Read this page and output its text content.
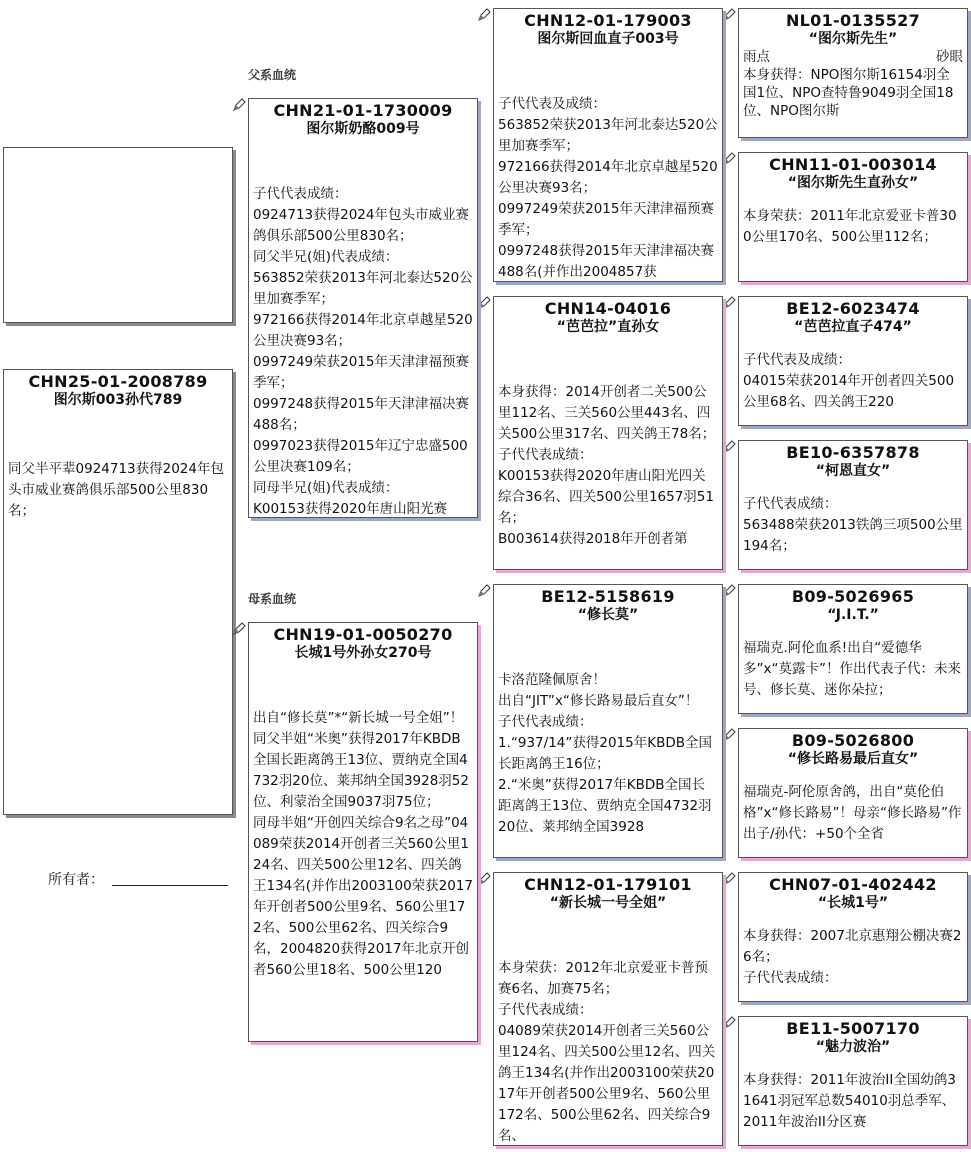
父系血统
母系血统
CHN25-01-2008789
图尔斯003孙代789
同父半平辈0924713获得2024年包头市威业赛鸽俱乐部500公里830名；
所有者：
CHN21-01-1730009
图尔斯奶酪009号
子代代表成绩：
0924713获得2024年包头市威业赛鸽俱乐部500公里830名；
同父半兄(姐)代表成绩：
563852荣获2013年河北泰达520公里加赛季军；
972166获得2014年北京卓越星520公里决赛93名；
0997249荣获2015年天津津福预赛季军；
0997248获得2015年天津津福决赛488名；
0997023获得2015年辽宁忠盛500公里决赛109名；
同母半兄(姐)代表成绩：
K00153获得2020年唐山阳光赛
CHN19-01-0050270
长城1号外孙女270号
出自“修长莫”*“新长城一号全姐”！
同父半姐“米奥”获得2017年KBDB全国长距离鸽王13位、贾纳克全国4732羽20位、莱邦纳全国3928羽52位、利蒙治全国9037羽75位；
同母半姐“开创四关综合9名之母”04089荣获2014开创者三关560公里124名、四关500公里12名、四关鸽王134名(并作出2003100荣获2017年开创者500公里9名、560公里172名、500公里62名、四关综合9名，2004820获得2017年北京开创者560公里18名、500公里120
CHN12-01-179003
图尔斯回血直子003号
子代代表及成绩：
563852荣获2013年河北泰达520公里加赛季军；
972166获得2014年北京卓越星520公里决赛93名；
0997249荣获2015年天津津福预赛季军；
0997248获得2015年天津津福决赛488名(并作出2004857获
CHN14-04016
“芭芭拉”直孙女
本身获得：2014开创者二关500公里112名、三关560公里443名、四关500公里317名、四关鸽王78名；
子代代表成绩：
K00153获得2020年唐山阳光四关综合36名、四关500公里1657羽51名；
B003614获得2018年开创者第
BE12-5158619
“修长莫”
卡洛范隆佩原舍！
出自“JIT”x“修长路易最后直女”！
子代代表成绩：
1.“937/14”获得2015年KBDB全国长距离鸽王16位；
2.“米奥”获得2017年KBDB全国长距离鸽王13位、贾纳克全国4732羽20位、莱邦纳全国3928
CHN12-01-179101
“新长城一号全姐”
本身荣获：2012年北京爱亚卡普预赛6名、加赛75名；
子代代表成绩：
04089荣获2014开创者三关560公里124名、四关500公里12名、四关鸽王134名(并作出2003100荣获2017年开创者500公里9名、560公里172名、500公里62名、四关综合9名、
NL01-0135527
“图尔斯先生”
雨点	砂眼
本身获得：NPO图尔斯16154羽全国1位、NPO查特鲁9049羽全国18位、NPO图尔斯
CHN11-01-003014
“图尔斯先生直孙女”
本身荣获：2011年北京爱亚卡普300公里170名、500公里112名；
BE12-6023474
“芭芭拉直子474”
子代代表及成绩：
04015荣获2014年开创者四关500公里68名、四关鸽王220
BE10-6357878
“柯恩直女”
子代代表成绩：
563488荣获2013铁鸽三项500公里194名；
B09-5026965
“J.I.T.”
福瑞克.阿伦血系!出自“爱德华多”x“莫露卡”！作出代表子代：未来号、修长莫、迷你朵拉；
B09-5026800
“修长路易最后直女”
福瑞克-阿伦原舍鸽，出自“莫伦伯格”x“修长路易”！母亲“修长路易”作出子/孙代：+50个全省
CHN07-01-402442
“长城1号”
本身获得：2007北京惠翔公棚决赛26名；
子代代表成绩：
BE11-5007170
“魅力波治”
本身获得：2011年波治II全国幼鸽31641羽冠军总数54010羽总季军、2011年波治II分区赛
